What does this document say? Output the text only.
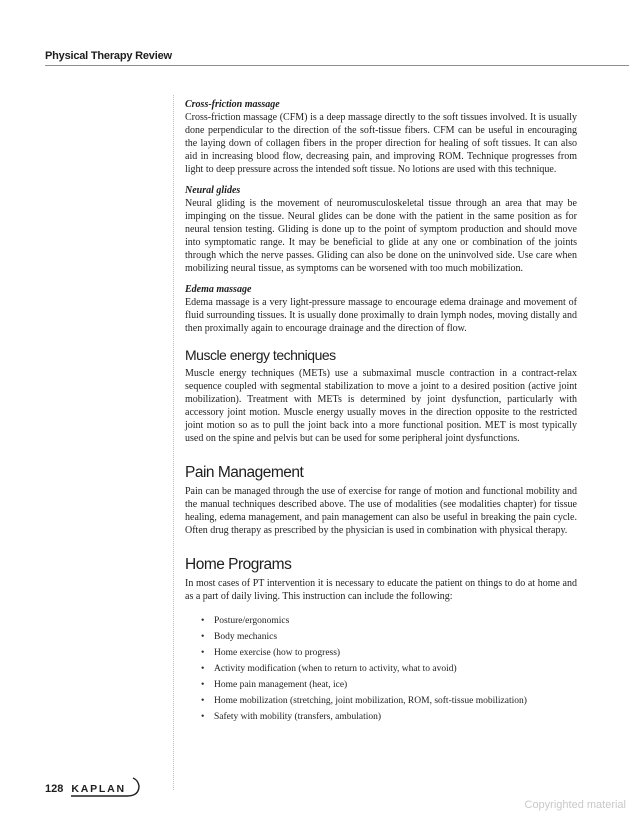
Physical Therapy Review
Cross-friction massage

Cross-friction massage (CFM) is a deep massage directly to the soft tissues involved. It is usually done perpendicular to the direction of the soft-tissue fibers. CFM can be useful in encouraging the laying down of collagen fibers in the proper direction for healing of soft tissues. It can also aid in increasing blood flow, decreasing pain, and improving ROM. Technique progresses from light to deep pressure across the intended soft tissue. No lotions are used with this technique.

Neural glides

Neural gliding is the movement of neuromusculoskeletal tissue through an area that may be impinging on the tissue. Neural glides can be done with the patient in the same position as for neural tension testing. Gliding is done up to the point of symptom production and should move into symptomatic range. It may be beneficial to glide at any one or combination of the joints through which the nerve passes. Gliding can also be done on the uninvolved side. Use care when mobilizing neural tissue, as symptoms can be worsened with too much mobilization.

Edema massage

Edema massage is a very light-pressure massage to encourage edema drainage and movement of fluid surrounding tissues. It is usually done proximally to drain lymph nodes, moving distally and then proximally again to encourage drainage and the direction of flow.

Muscle energy techniques

Muscle energy techniques (METs) use a submaximal muscle contraction in a contract-relax sequence coupled with segmental stabilization to move a joint to a desired position (active joint mobilization). Treatment with METs is determined by joint dysfunction, particularly with accessory joint motion. Muscle energy usually moves in the direction opposite to the restricted joint motion so as to pull the joint back into a more functional position. MET is most typically used on the spine and pelvis but can be used for some peripheral joint dysfunctions.

Pain Management

Pain can be managed through the use of exercise for range of motion and functional mobility and the manual techniques described above. The use of modalities (see modalities chapter) for tissue healing, edema management, and pain management can also be useful in breaking the pain cycle. Often drug therapy as prescribed by the physician is used in combination with physical therapy.

Home Programs

In most cases of PT intervention it is necessary to educate the patient on things to do at home and as a part of daily living. This instruction can include the following:

• Posture/ergonomics
• Body mechanics
• Home exercise (how to progress)
• Activity modification (when to return to activity, what to avoid)
• Home pain management (heat, ice)
• Home mobilization (stretching, joint mobilization, ROM, soft-tissue mobilization)
• Safety with mobility (transfers, ambulation)
128 KAPLAN
Copyrighted material
